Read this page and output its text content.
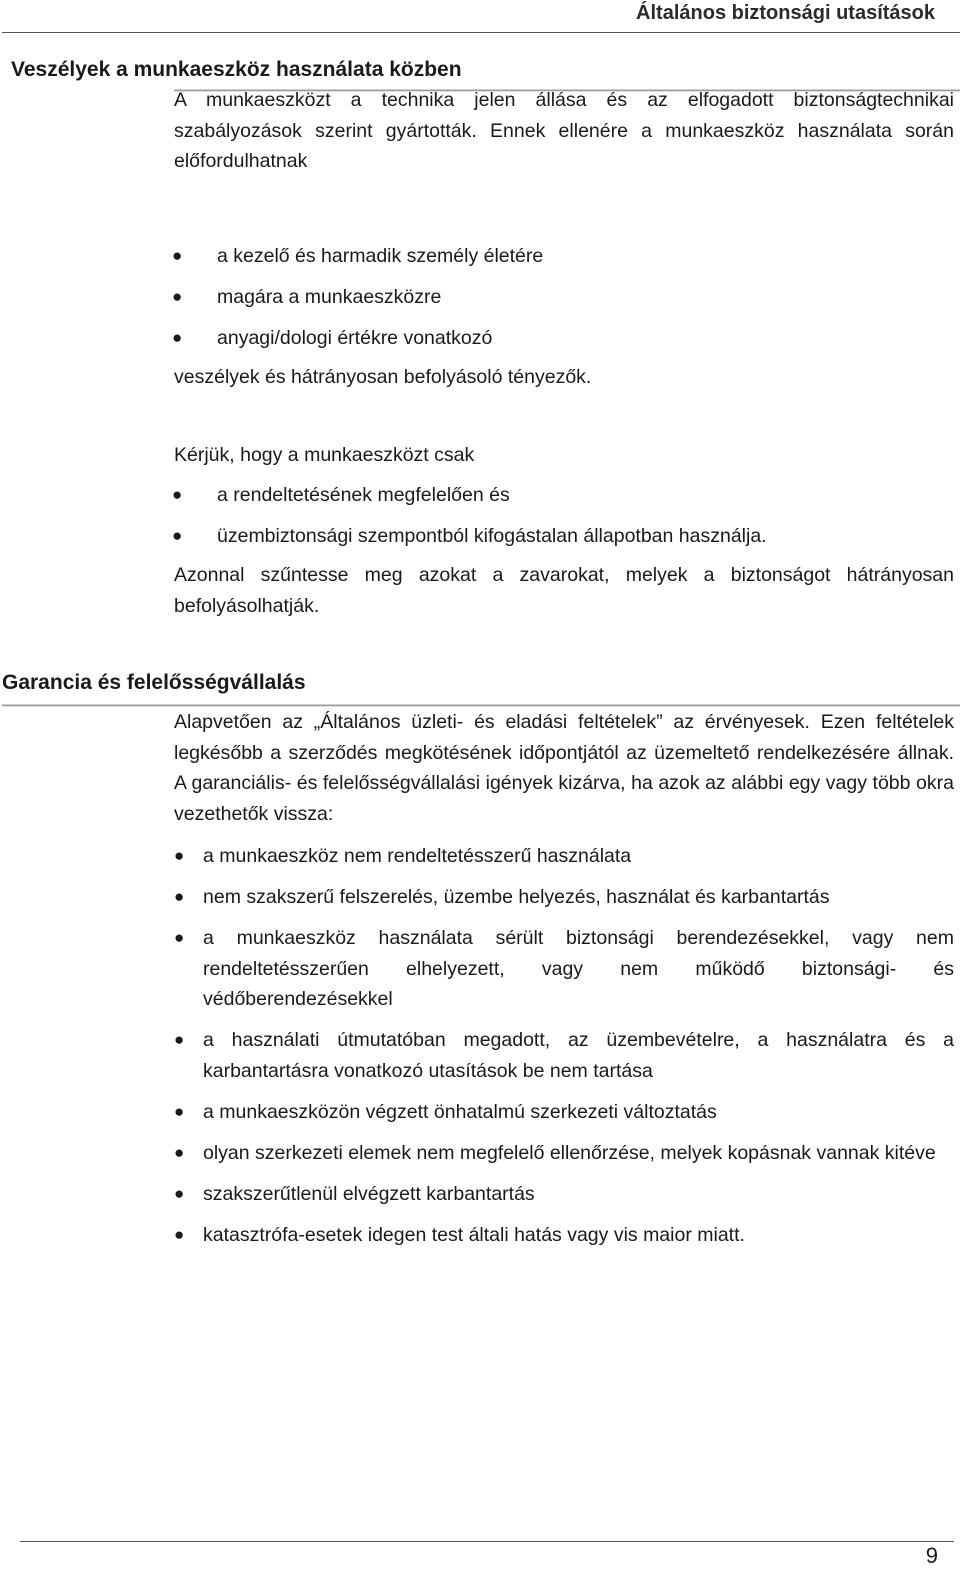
Általános biztonsági utasítások
Veszélyek a munkaeszköz használata közben

A munkaeszközt a technika jelen állása és az elfogadott biztonságtechnikai szabályozások szerint gyártották. Ennek ellenére a munkaeszköz használata során előfordulhatnak

● a kezelő és harmadik személy életére
● magára a munkaeszközre
● anyagi/dologi értékre vonatkozó

veszélyek és hátrányosan befolyásoló tényezők.

Kérjük, hogy a munkaeszközt csak

● a rendeltetésének megfelelően és
● üzembiztonsági szempontból kifogástalan állapotban használja.

Azonnal szűntesse meg azokat a zavarokat, melyek a biztonságot hátrányosan befolyásolhatják.

Garancia és felelősségvállalás

Alapvetően az „Általános üzleti- és eladási feltételek” az érvényesek. Ezen feltételek legkésőbb a szerződés megkötésének időpontjától az üzemeltető rendelkezésére állnak. A garanciális- és felelősségvállalási igények kizárva, ha azok az alábbi egy vagy több okra vezethetők vissza:

● a munkaeszköz nem rendeltetésszerű használata
● nem szakszerű felszerelés, üzembe helyezés, használat és karbantartás
● a munkaeszköz használata sérült biztonsági berendezésekkel, vagy nem rendeltetésszerűen elhelyezett, vagy nem működő biztonsági- és védőberendezésekkel
● a használati útmutatóban megadott, az üzembevételre, a használatra és a karbantartásra vonatkozó utasítások be nem tartása
● a munkaeszközön végzett önhatalmú szerkezeti változtatás
● olyan szerkezeti elemek nem megfelelő ellenőrzése, melyek kopásnak vannak kitéve
● szakszerűtlenül elvégzett karbantartás
● katasztrófa-esetek idegen test általi hatás vagy vis maior miatt.
9
